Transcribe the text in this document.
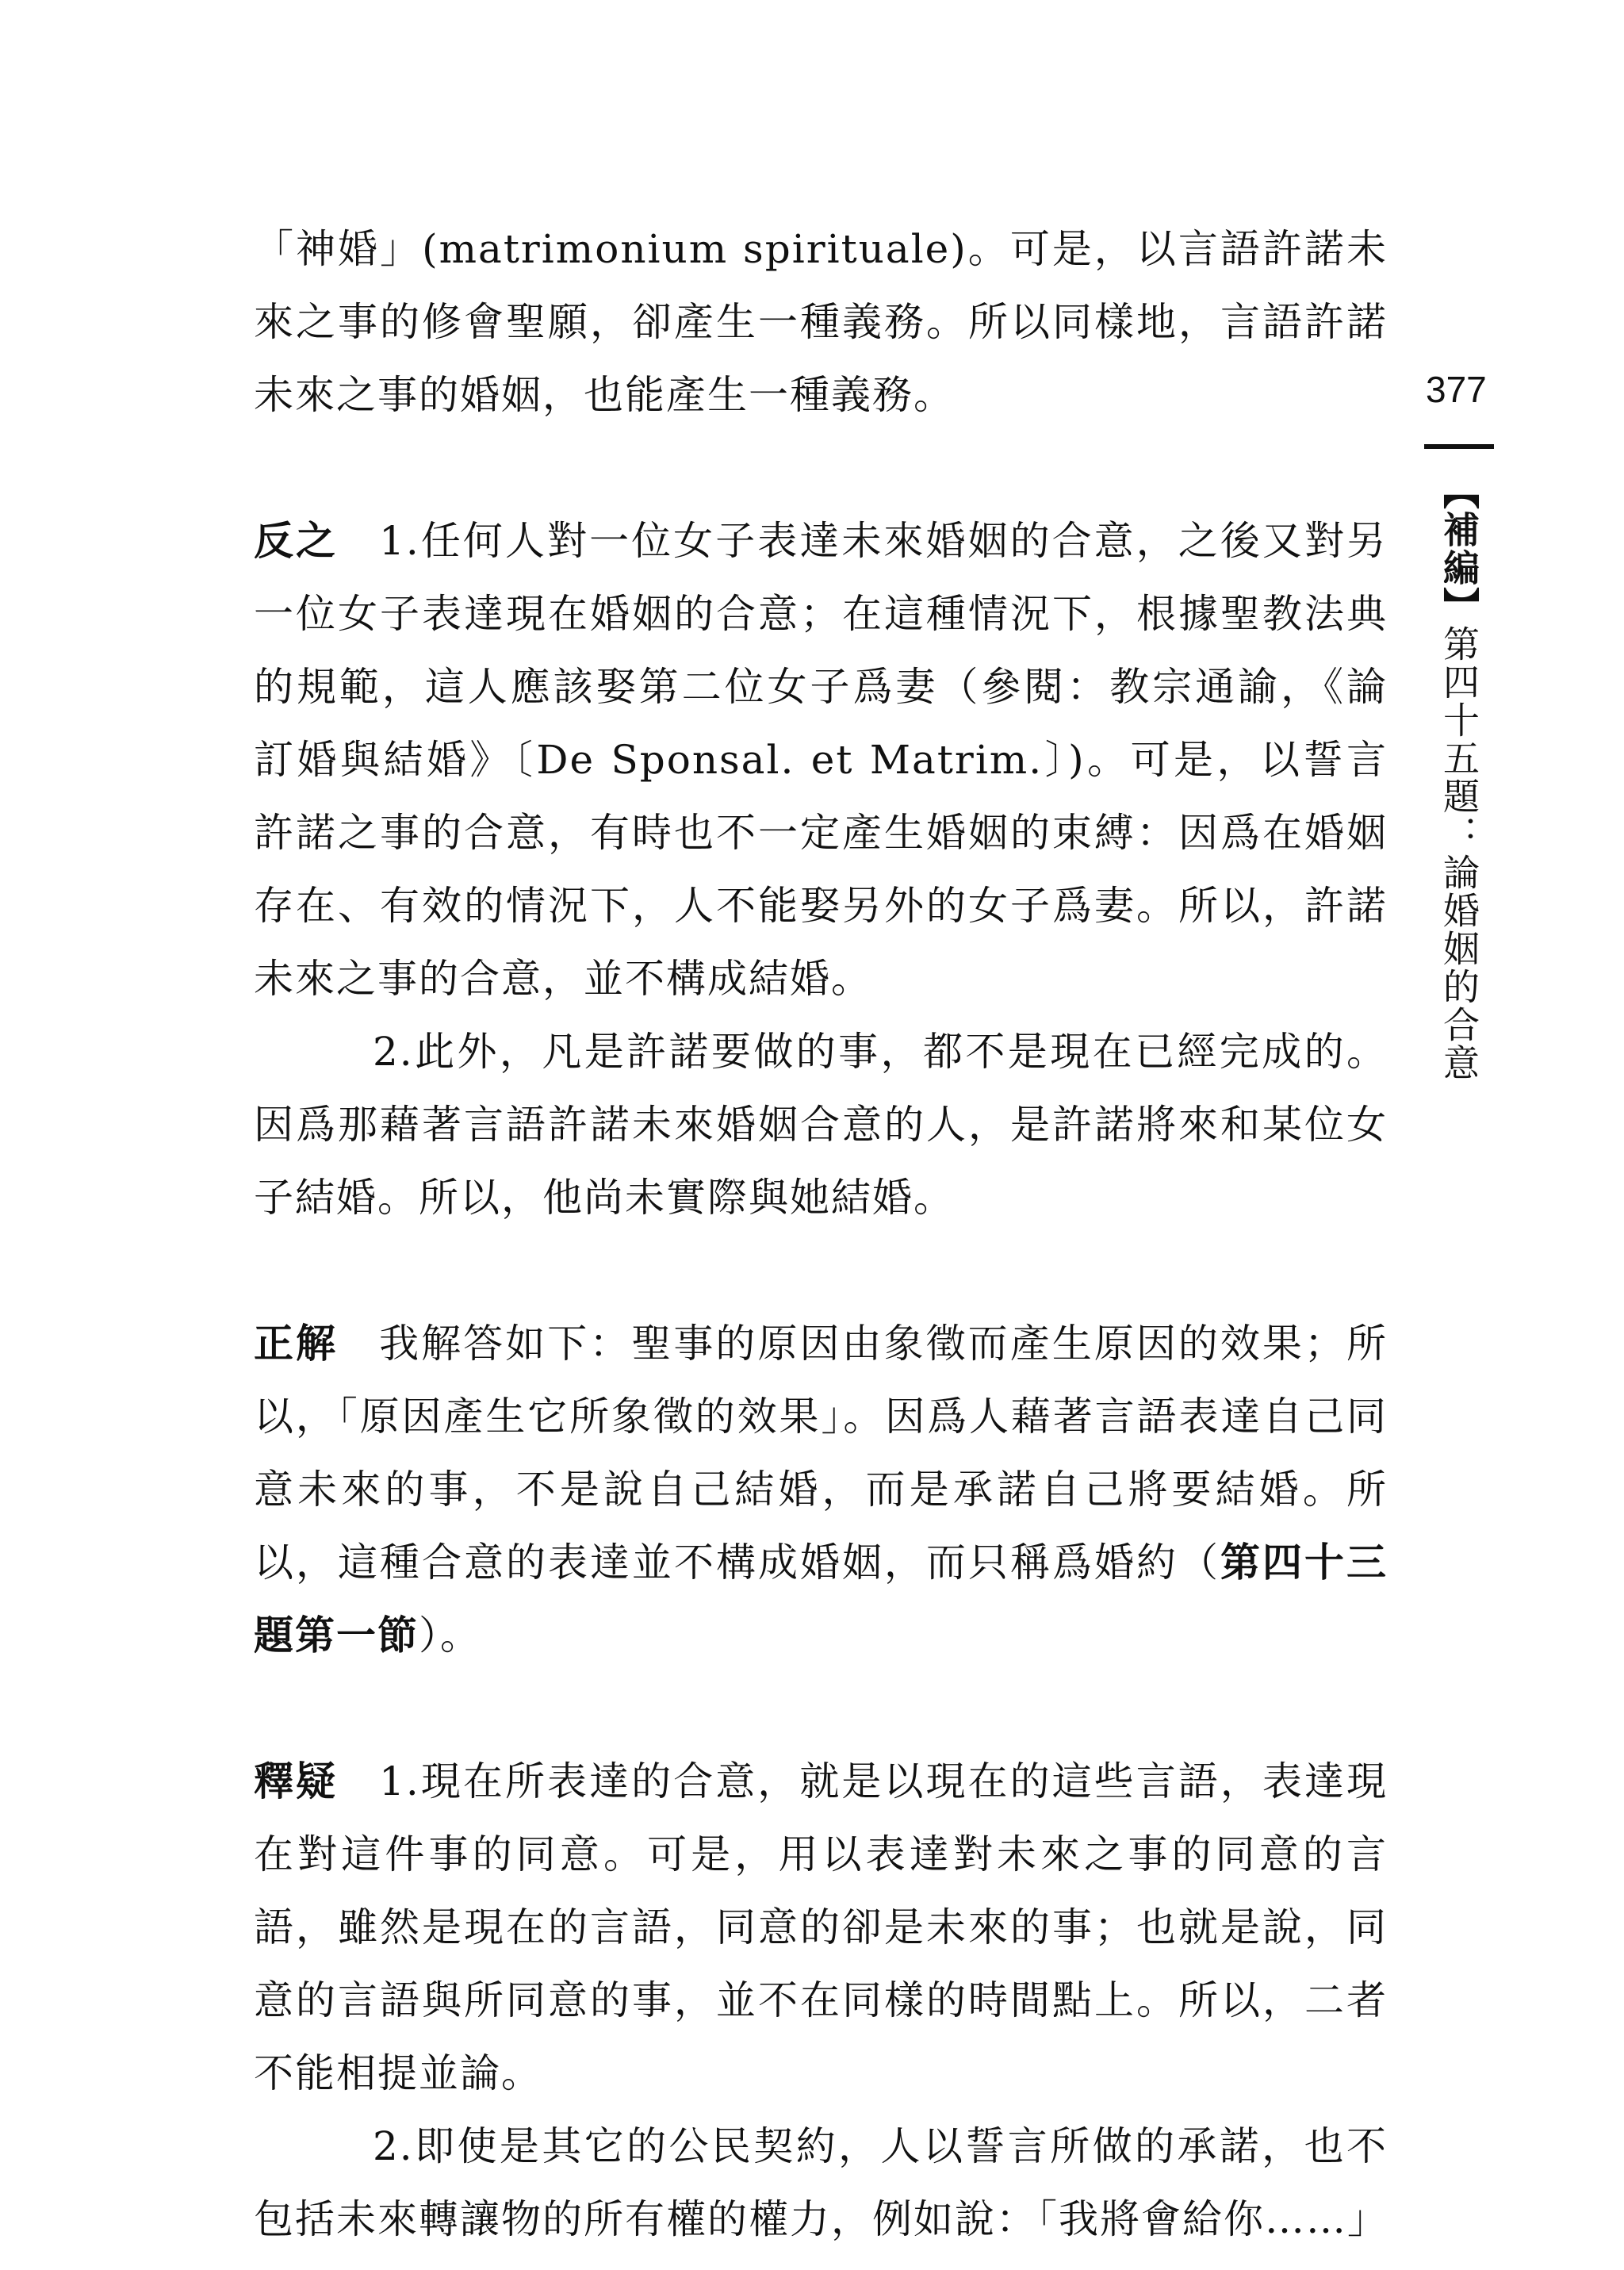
「神婚」(matrimonium spirituale)。可是，以言語許諾未來之事的修會聖願，卻產生一種義務。所以同樣地，言語許諾未來之事的婚姻，也能產生一種義務。

反之 1.任何人對一位女子表達未來婚姻的合意，之後又對另一位女子表達現在婚姻的合意；在這種情況下，根據聖教法典的規範，這人應該娶第二位女子爲妻（參閱：教宗通諭，《論訂婚與結婚》〔De Sponsal. et Matrim.〕)。可是，以誓言許諾之事的合意，有時也不一定產生婚姻的束縛：因爲在婚姻存在、有效的情況下，人不能娶另外的女子爲妻。所以，許諾未來之事的合意，並不構成結婚。

2.此外，凡是許諾要做的事，都不是現在已經完成的。因爲那藉著言語許諾未來婚姻合意的人，是許諾將來和某位女子結婚。所以，他尚未實際與她結婚。

正解 我解答如下：聖事的原因由象徵而產生原因的效果；所以，「原因產生它所象徵的效果」。因爲人藉著言語表達自己同意未來的事，不是說自己結婚，而是承諾自己將要結婚。所以，這種合意的表達並不構成婚姻，而只稱爲婚約（第四十三題第一節）。

釋疑 1.現在所表達的合意，就是以現在的這些言語，表達現在對這件事的同意。可是，用以表達對未來之事的同意的言語，雖然是現在的言語，同意的卻是未來的事；也就是說，同意的言語與所同意的事，並不在同樣的時間點上。所以，二者不能相提並論。

2.即使是其它的公民契約，人以誓言所做的承諾，也不包括未來轉讓物的所有權的權力，例如說：「我將會給你……」

377
【補編】第四十五題：論婚姻的合意
